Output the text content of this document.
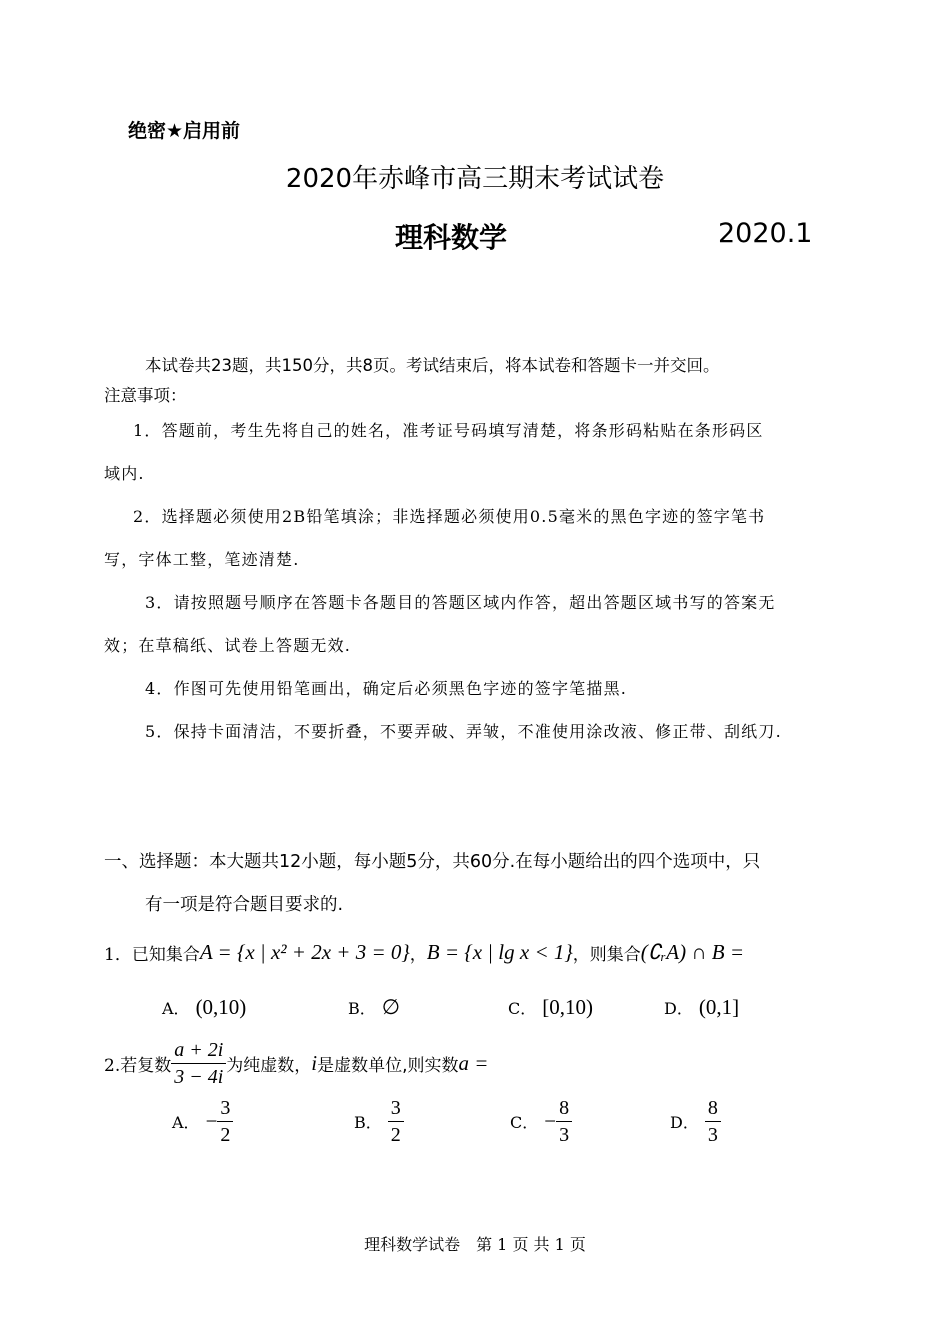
绝密★启用前
2020年赤峰市高三期末考试试卷
理科数学	2020.1
本试卷共23题，共150分，共8页。考试结束后，将本试卷和答题卡一并交回。
注意事项：
1．答题前，考生先将自己的姓名，准考证号码填写清楚，将条形码粘贴在条形码区
域内.
2．选择题必须使用2B铅笔填涂；非选择题必须使用0.5毫米的黑色字迹的签字笔书
写，字体工整，笔迹清楚.
3．请按照题号顺序在答题卡各题目的答题区域内作答，超出答题区域书写的答案无
效；在草稿纸、试卷上答题无效.
4．作图可先使用铅笔画出，确定后必须黑色字迹的签字笔描黑.
5．保持卡面清洁，不要折叠，不要弄破、弄皱，不准使用涂改液、修正带、刮纸刀.
一、选择题：本大题共12小题，每小题5分，共60分.在每小题给出的四个选项中，只
有一项是符合题目要求的.
1．已知集合 A = {x | x² + 2x + 3 = 0} ， B = {x | lg x < 1} ，则集合 (∁ᵣA) ∩ B =
A． (0,10)	B． ∅	C． [0,10)	D． (0,1]
2.若复数 $\frac{a + 2i}{3 - 4i}$ 为纯虚数， i 是虚数单位,则实数 a =
A． − $\frac{3}{2}$	B． $\frac{3}{2}$	C． − $\frac{8}{3}$	D． $\frac{8}{3}$
理科数学试卷　第 1 页 共 1 页
